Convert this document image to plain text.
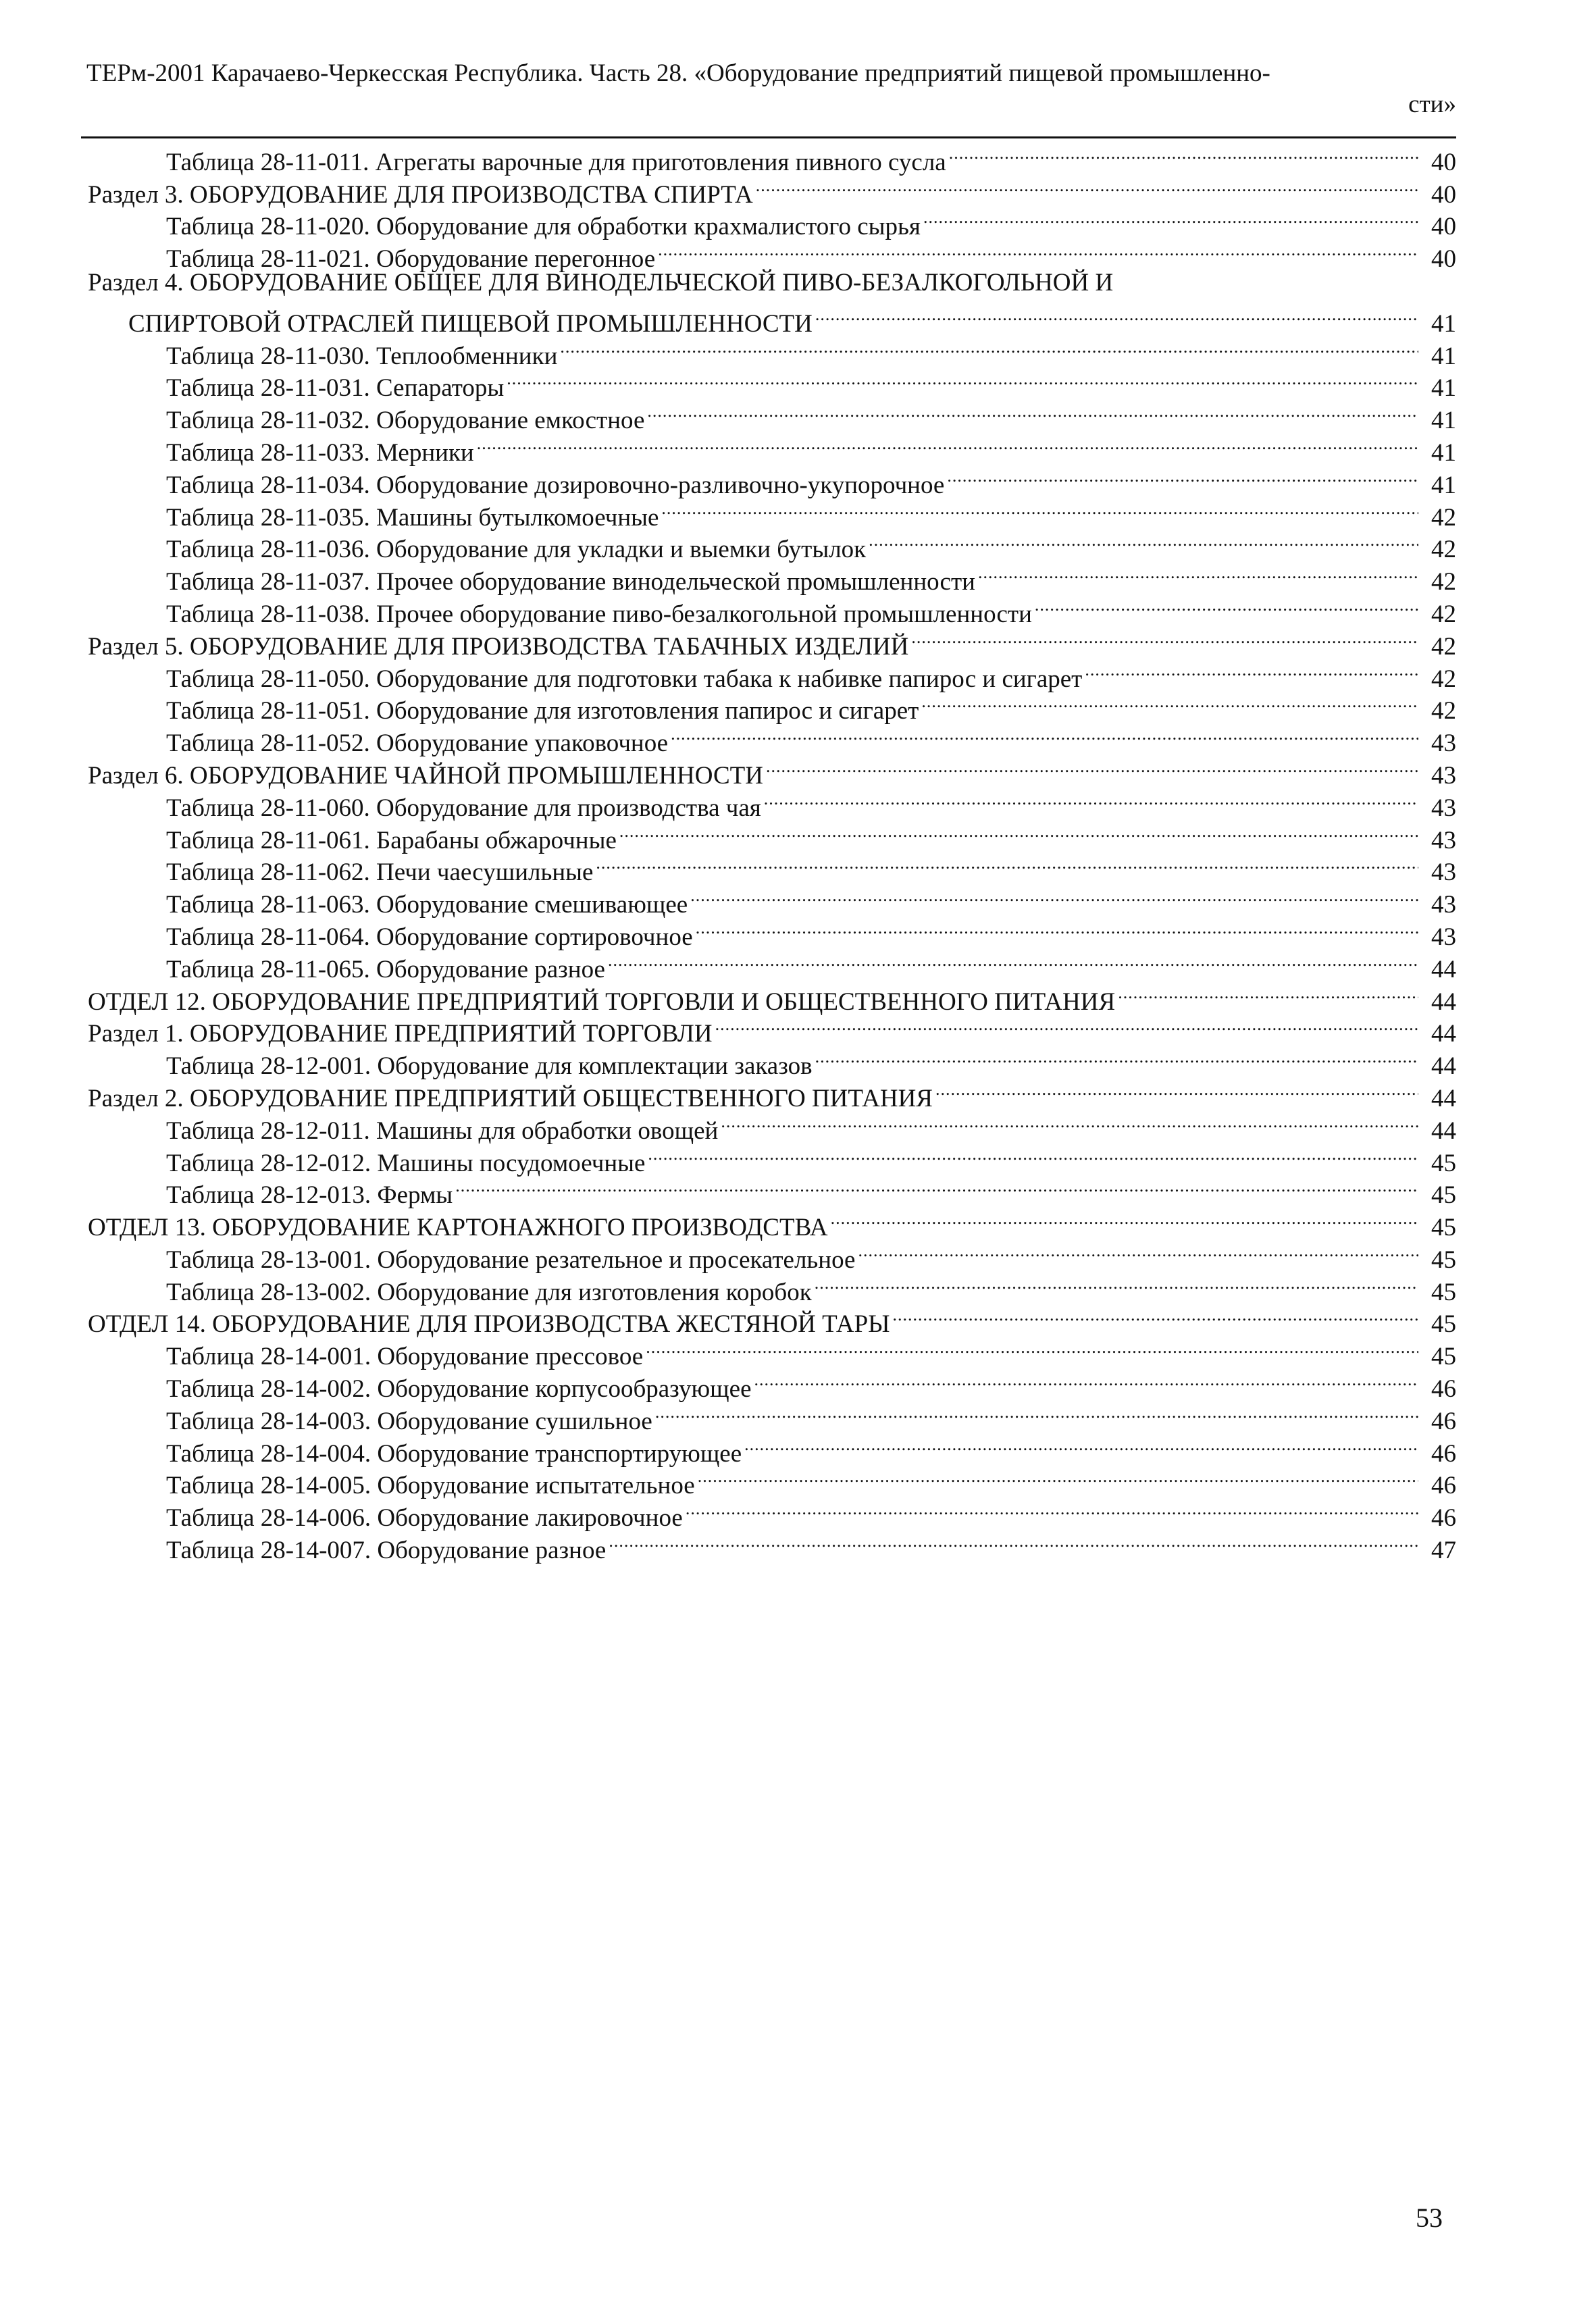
ТЕРм-2001 Карачаево-Черкесская Республика. Часть 28. «Оборудование предприятий пищевой промышленно-
сти»
Таблица 28-11-011. Агрегаты варочные для приготовления пивного сусла .....	40
Раздел 3. ОБОРУДОВАНИЕ ДЛЯ ПРОИЗВОДСТВА СПИРТА .....	40
Таблица 28-11-020. Оборудование для обработки крахмалистого сырья .....	40
Таблица 28-11-021. Оборудование перегонное .....	40
Раздел 4. ОБОРУДОВАНИЕ ОБЩЕЕ ДЛЯ ВИНОДЕЛЬЧЕСКОЙ ПИВО-БЕЗАЛКОГОЛЬНОЙ И
СПИРТОВОЙ ОТРАСЛЕЙ ПИЩЕВОЙ ПРОМЫШЛЕННОСТИ .....	41
Таблица 28-11-030. Теплообменники .....	41
Таблица 28-11-031. Сепараторы .....	41
Таблица 28-11-032. Оборудование емкостное .....	41
Таблица 28-11-033. Мерники .....	41
Таблица 28-11-034. Оборудование дозировочно-разливочно-укупорочное .....	41
Таблица 28-11-035. Машины бутылкомоечные .....	42
Таблица 28-11-036. Оборудование для укладки и выемки бутылок .....	42
Таблица 28-11-037. Прочее оборудование винодельческой промышленности .....	42
Таблица 28-11-038. Прочее оборудование пиво-безалкогольной промышленности .....	42
Раздел 5. ОБОРУДОВАНИЕ ДЛЯ ПРОИЗВОДСТВА ТАБАЧНЫХ ИЗДЕЛИЙ .....	42
Таблица 28-11-050. Оборудование для подготовки табака к набивке папирос и сигарет .....	42
Таблица 28-11-051. Оборудование для изготовления папирос и сигарет .....	42
Таблица 28-11-052. Оборудование упаковочное .....	43
Раздел 6. ОБОРУДОВАНИЕ ЧАЙНОЙ ПРОМЫШЛЕННОСТИ .....	43
Таблица 28-11-060. Оборудование для производства чая .....	43
Таблица 28-11-061. Барабаны обжарочные .....	43
Таблица 28-11-062. Печи чаесушильные .....	43
Таблица 28-11-063. Оборудование смешивающее .....	43
Таблица 28-11-064. Оборудование сортировочное .....	43
Таблица 28-11-065. Оборудование разное .....	44
ОТДЕЛ 12. ОБОРУДОВАНИЕ ПРЕДПРИЯТИЙ ТОРГОВЛИ И ОБЩЕСТВЕННОГО ПИТАНИЯ .....	44
Раздел 1. ОБОРУДОВАНИЕ ПРЕДПРИЯТИЙ ТОРГОВЛИ .....	44
Таблица 28-12-001. Оборудование для комплектации заказов .....	44
Раздел 2. ОБОРУДОВАНИЕ ПРЕДПРИЯТИЙ ОБЩЕСТВЕННОГО ПИТАНИЯ .....	44
Таблица 28-12-011. Машины для обработки овощей .....	44
Таблица 28-12-012. Машины посудомоечные .....	45
Таблица 28-12-013. Фермы .....	45
ОТДЕЛ 13. ОБОРУДОВАНИЕ КАРТОНАЖНОГО ПРОИЗВОДСТВА .....	45
Таблица 28-13-001. Оборудование резательное и просекательное .....	45
Таблица 28-13-002. Оборудование для изготовления коробок .....	45
ОТДЕЛ 14. ОБОРУДОВАНИЕ ДЛЯ ПРОИЗВОДСТВА ЖЕСТЯНОЙ ТАРЫ .....	45
Таблица 28-14-001. Оборудование прессовое .....	45
Таблица 28-14-002. Оборудование корпусообразующее .....	46
Таблица 28-14-003. Оборудование сушильное .....	46
Таблица 28-14-004. Оборудование транспортирующее .....	46
Таблица 28-14-005. Оборудование испытательное .....	46
Таблица 28-14-006. Оборудование лакировочное .....	46
Таблица 28-14-007. Оборудование разное .....	47
53
